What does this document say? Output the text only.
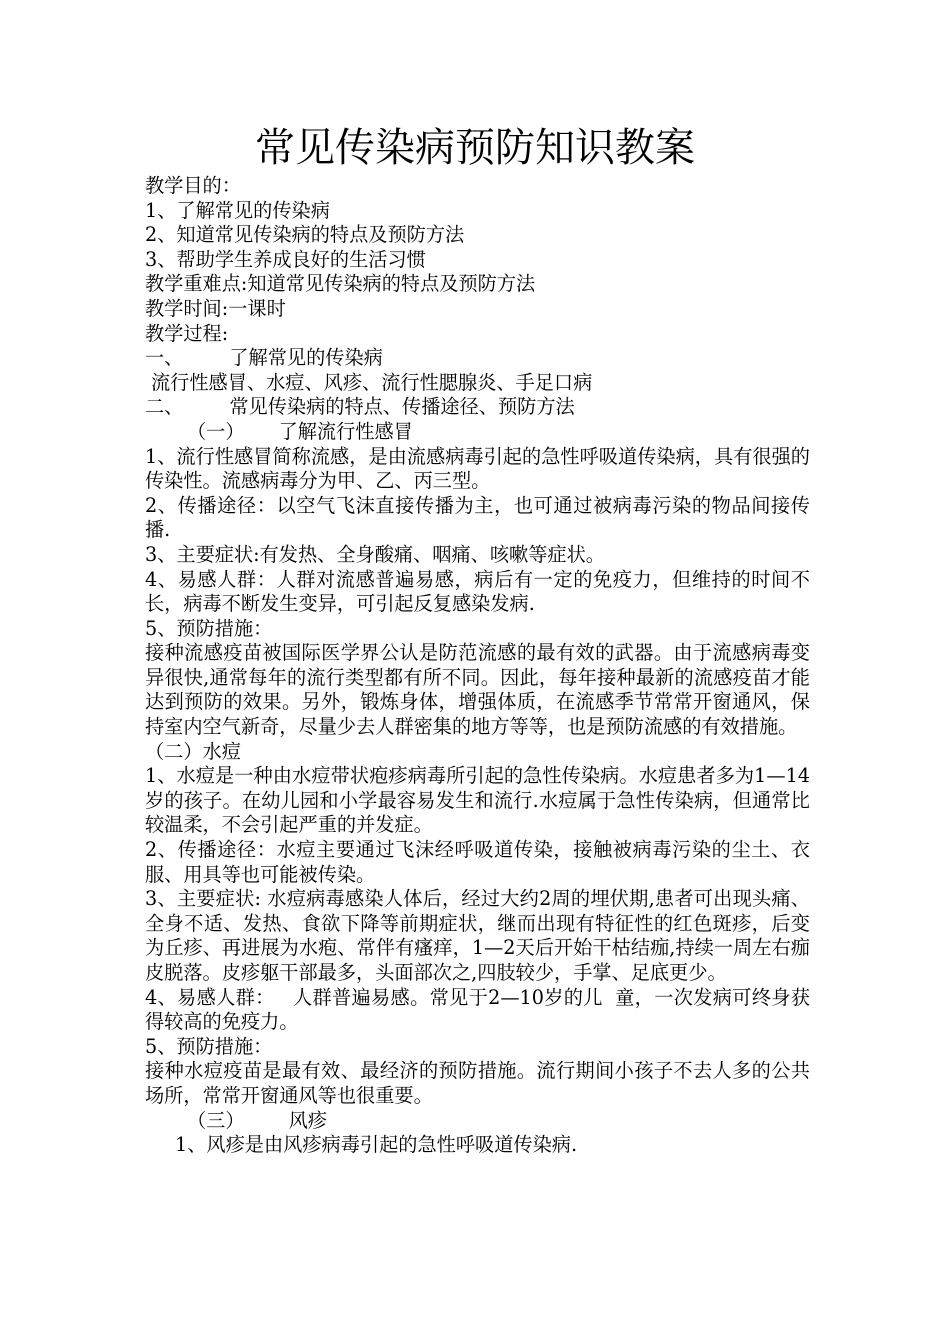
常见传染病预防知识教案

教学目的：

1、了解常见的传染病

2、知道常见传染病的特点及预防方法

3、帮助学生养成良好的生活习惯

教学重难点:知道常见传染病的特点及预防方法

教学时间:一课时

教学过程:

一、 了解常见的传染病

流行性感冒、水痘、风疹、流行性腮腺炎、手足口病

二、 常见传染病的特点、传播途径、预防方法

（一） 了解流行性感冒

1、流行性感冒简称流感，是由流感病毒引起的急性呼吸道传染病，具有很强的传染性。流感病毒分为甲、乙、丙三型。

2、传播途径：以空气飞沫直接传播为主，也可通过被病毒污染的物品间接传播.

3、主要症状:有发热、全身酸痛、咽痛、咳嗽等症状。

4、易感人群：人群对流感普遍易感，病后有一定的免疫力，但维持的时间不长，病毒不断发生变异，可引起反复感染发病.

5、预防措施：

接种流感疫苗被国际医学界公认是防范流感的最有效的武器。由于流感病毒变异很快,通常每年的流行类型都有所不同。因此，每年接种最新的流感疫苗才能达到预防的效果。另外，锻炼身体，增强体质，在流感季节常常开窗通风，保持室内空气新奇，尽量少去人群密集的地方等等，也是预防流感的有效措施。

（二）水痘

1、水痘是一种由水痘带状疱疹病毒所引起的急性传染病。水痘患者多为1—14岁的孩子。在幼儿园和小学最容易发生和流行.水痘属于急性传染病，但通常比较温柔，不会引起严重的并发症。

2、传播途径：水痘主要通过飞沫经呼吸道传染，接触被病毒污染的尘土、衣服、用具等也可能被传染。

3、主要症状: 水痘病毒感染人体后，经过大约2周的埋伏期,患者可出现头痛、全身不适、发热、食欲下降等前期症状，继而出现有特征性的红色斑疹，后变为丘疹、再进展为水疱、常伴有瘙痒，1—2天后开始干枯结痂,持续一周左右痂皮脱落。皮疹躯干部最多，头面部次之,四肢较少，手掌、足底更少。

4、易感人群： 人群普遍易感。常见于2—10岁的儿 童，一次发病可终身获得较高的免疫力。

5、预防措施：

接种水痘疫苗是最有效、最经济的预防措施。流行期间小孩子不去人多的公共场所，常常开窗通风等也很重要。

（三） 风疹

1、风疹是由风疹病毒引起的急性呼吸道传染病.
